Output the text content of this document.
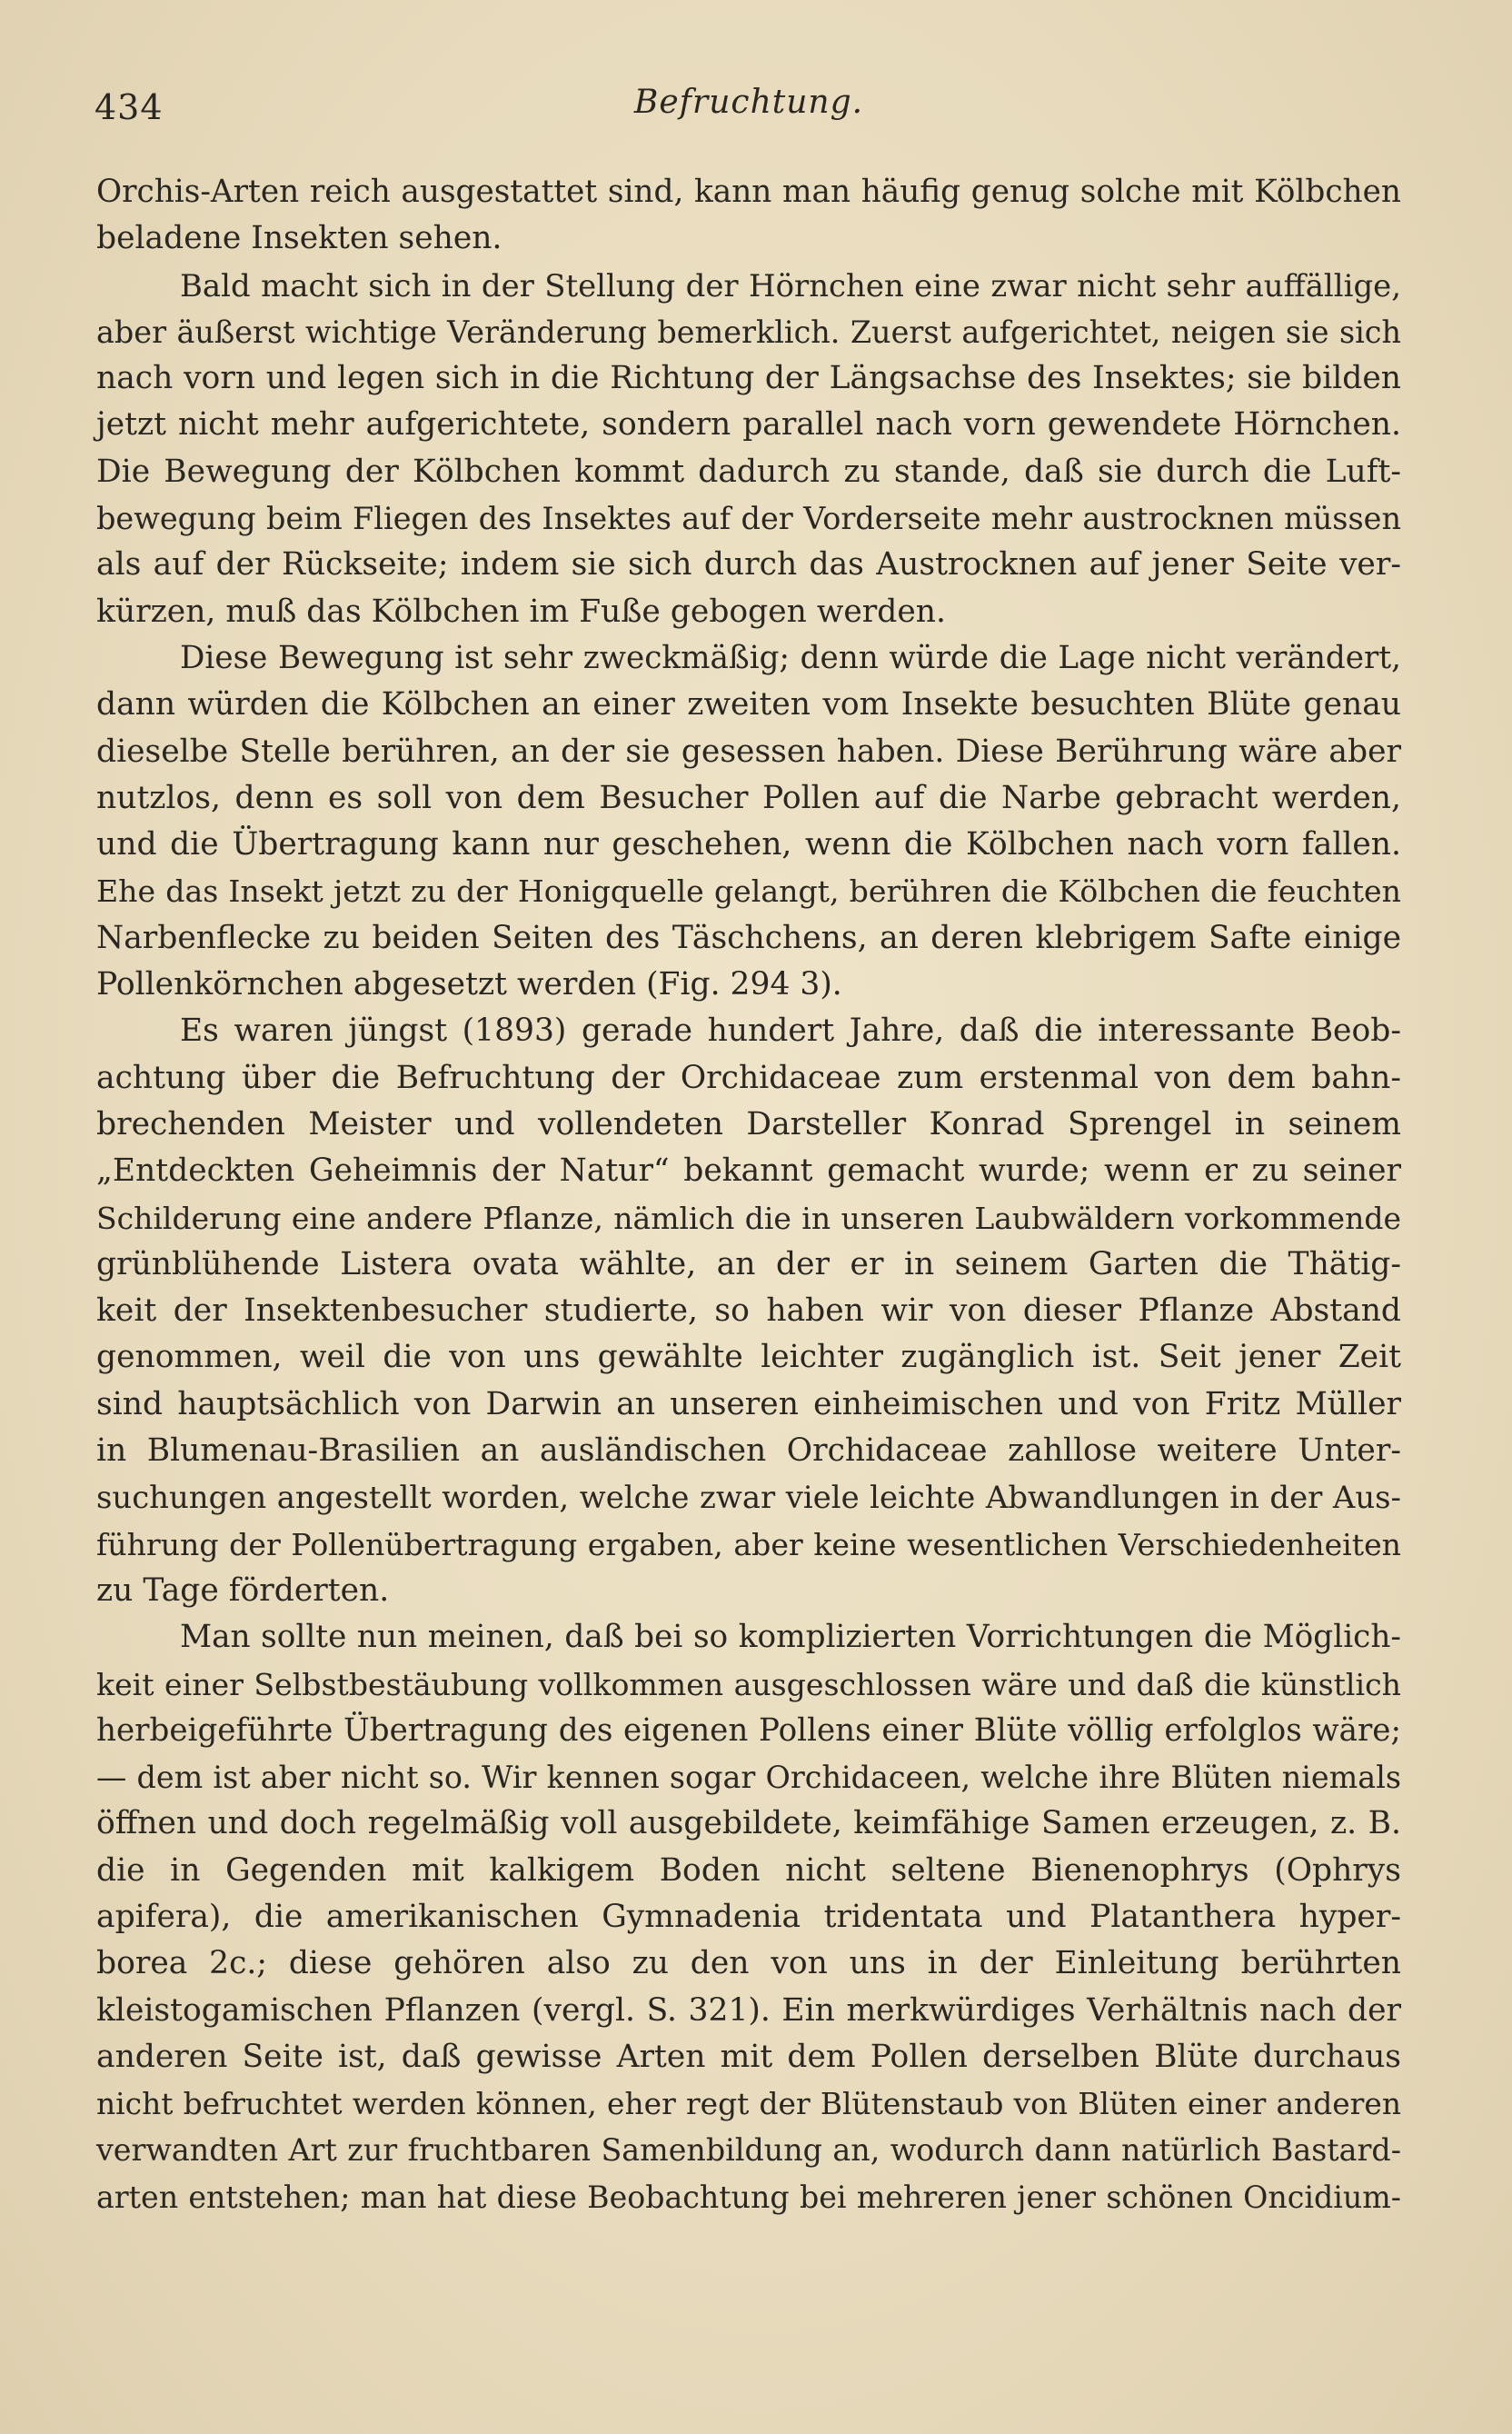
434	Befruchtung.
Orchis-Arten reich ausgestattet sind, kann man häufig genug solche mit Kölbchen
beladene Insekten sehen.
Bald macht sich in der Stellung der Hörnchen eine zwar nicht sehr auffällige,
aber äußerst wichtige Veränderung bemerklich. Zuerst aufgerichtet, neigen sie sich
nach vorn und legen sich in die Richtung der Längsachse des Insektes; sie bilden
jetzt nicht mehr aufgerichtete, sondern parallel nach vorn gewendete Hörnchen.
Die Bewegung der Kölbchen kommt dadurch zu stande, daß sie durch die Luft-
bewegung beim Fliegen des Insektes auf der Vorderseite mehr austrocknen müssen
als auf der Rückseite; indem sie sich durch das Austrocknen auf jener Seite ver-
kürzen, muß das Kölbchen im Fuße gebogen werden.
Diese Bewegung ist sehr zweckmäßig; denn würde die Lage nicht verändert,
dann würden die Kölbchen an einer zweiten vom Insekte besuchten Blüte genau
dieselbe Stelle berühren, an der sie gesessen haben. Diese Berührung wäre aber
nutzlos, denn es soll von dem Besucher Pollen auf die Narbe gebracht werden,
und die Übertragung kann nur geschehen, wenn die Kölbchen nach vorn fallen.
Ehe das Insekt jetzt zu der Honigquelle gelangt, berühren die Kölbchen die feuchten
Narbenflecke zu beiden Seiten des Täschchens, an deren klebrigem Safte einige
Pollenkörnchen abgesetzt werden (Fig. 294 3).
Es waren jüngst (1893) gerade hundert Jahre, daß die interessante Beob-
achtung über die Befruchtung der Orchidaceae zum erstenmal von dem bahn-
brechenden Meister und vollendeten Darsteller Konrad Sprengel in seinem
„Entdeckten Geheimnis der Natur“ bekannt gemacht wurde; wenn er zu seiner
Schilderung eine andere Pflanze, nämlich die in unseren Laubwäldern vorkommende
grünblühende Listera ovata wählte, an der er in seinem Garten die Thätig-
keit der Insektenbesucher studierte, so haben wir von dieser Pflanze Abstand
genommen, weil die von uns gewählte leichter zugänglich ist. Seit jener Zeit
sind hauptsächlich von Darwin an unseren einheimischen und von Fritz Müller
in Blumenau-Brasilien an ausländischen Orchidaceae zahllose weitere Unter-
suchungen angestellt worden, welche zwar viele leichte Abwandlungen in der Aus-
führung der Pollenübertragung ergaben, aber keine wesentlichen Verschiedenheiten
zu Tage förderten.
Man sollte nun meinen, daß bei so komplizierten Vorrichtungen die Möglich-
keit einer Selbstbestäubung vollkommen ausgeschlossen wäre und daß die künstlich
herbeigeführte Übertragung des eigenen Pollens einer Blüte völlig erfolglos wäre;
— dem ist aber nicht so. Wir kennen sogar Orchidaceen, welche ihre Blüten niemals
öffnen und doch regelmäßig voll ausgebildete, keimfähige Samen erzeugen, z. B.
die in Gegenden mit kalkigem Boden nicht seltene Bienenophrys (Ophrys
apifera), die amerikanischen Gymnadenia tridentata und Platanthera hyper-
borea 2c.; diese gehören also zu den von uns in der Einleitung berührten
kleistogamischen Pflanzen (vergl. S. 321). Ein merkwürdiges Verhältnis nach der
anderen Seite ist, daß gewisse Arten mit dem Pollen derselben Blüte durchaus
nicht befruchtet werden können, eher regt der Blütenstaub von Blüten einer anderen
verwandten Art zur fruchtbaren Samenbildung an, wodurch dann natürlich Bastard-
arten entstehen; man hat diese Beobachtung bei mehreren jener schönen Oncidium-
